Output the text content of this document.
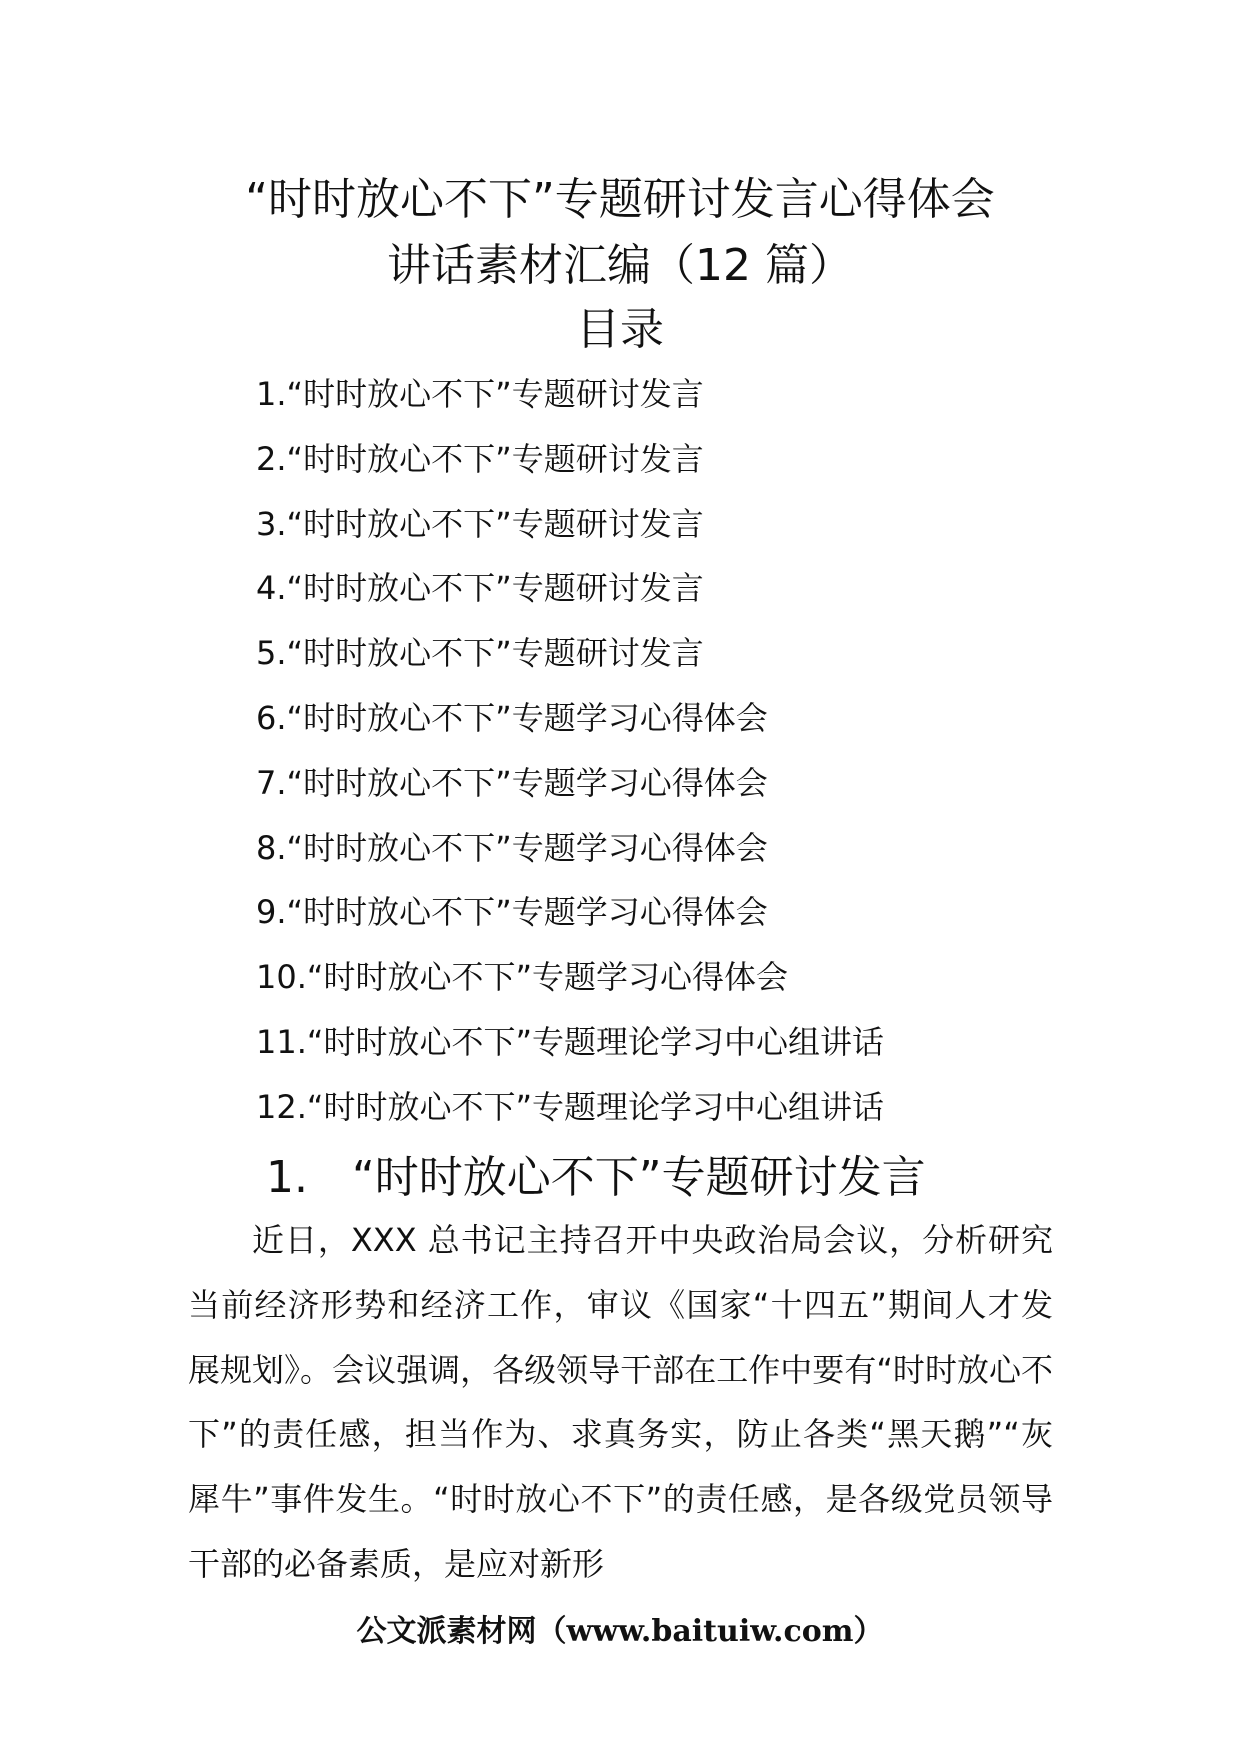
“时时放心不下”专题研讨发言心得体会
讲话素材汇编（12 篇）
目录
1.“时时放心不下”专题研讨发言
2.“时时放心不下”专题研讨发言
3.“时时放心不下”专题研讨发言
4.“时时放心不下”专题研讨发言
5.“时时放心不下”专题研讨发言
6.“时时放心不下”专题学习心得体会
7.“时时放心不下”专题学习心得体会
8.“时时放心不下”专题学习心得体会
9.“时时放心不下”专题学习心得体会
10.“时时放心不下”专题学习心得体会
11.“时时放心不下”专题理论学习中心组讲话
12.“时时放心不下”专题理论学习中心组讲话
1. “时时放心不下”专题研讨发言

近日，XXX 总书记主持召开中央政治局会议，分析研究当前经济形势和经济工作，审议《国家“十四五”期间人才发展规划》。会议强调，各级领导干部在工作中要有“时时放心不下”的责任感，担当作为、求真务实，防止各类“黑天鹅”“灰犀牛”事件发生。“时时放心不下”的责任感，是各级党员领导干部的必备素质，是应对新形

公文派素材网（www.baituiw.com）
